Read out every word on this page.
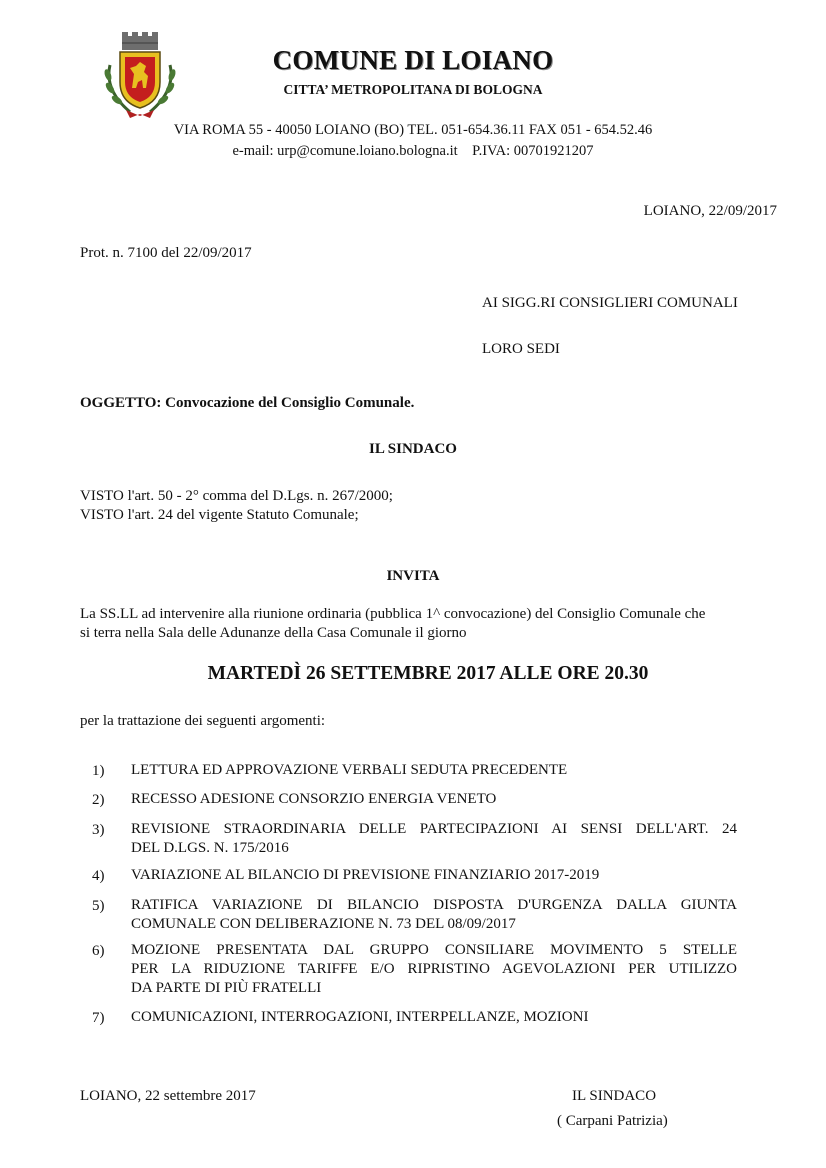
COMUNE DI LOIANO
CITTA’ METROPOLITANA DI BOLOGNA
VIA ROMA 55 - 40050 LOIANO (BO) TEL. 051-654.36.11 FAX 051 - 654.52.46
e-mail: urp@comune.loiano.bologna.it    P.IVA: 00701921207
LOIANO, 22/09/2017
Prot. n. 7100 del 22/09/2017
AI SIGG.RI CONSIGLIERI COMUNALI
LORO SEDI
OGGETTO: Convocazione del Consiglio Comunale.
IL SINDACO
VISTO l'art. 50 - 2° comma del D.Lgs. n. 267/2000;
VISTO l'art. 24 del vigente Statuto Comunale;
INVITA
La SS.LL ad intervenire alla riunione ordinaria (pubblica 1^ convocazione) del Consiglio Comunale che
si terra nella Sala delle Adunanze della Casa Comunale il giorno
MARTEDÌ 26 SETTEMBRE 2017 ALLE ORE 20.30
per la trattazione dei seguenti argomenti:
1)	LETTURA ED APPROVAZIONE VERBALI SEDUTA PRECEDENTE
2)	RECESSO ADESIONE CONSORZIO ENERGIA VENETO
3)	REVISIONE STRAORDINARIA DELLE PARTECIPAZIONI AI SENSI DELL'ART. 24
DEL D.LGS. N. 175/2016
4)	VARIAZIONE AL BILANCIO DI PREVISIONE FINANZIARIO 2017-2019
5)	RATIFICA VARIAZIONE DI BILANCIO DISPOSTA D'URGENZA DALLA GIUNTA
COMUNALE CON DELIBERAZIONE N. 73 DEL 08/09/2017
6)	MOZIONE PRESENTATA DAL GRUPPO CONSILIARE MOVIMENTO 5 STELLE
PER LA RIDUZIONE TARIFFE E/O RIPRISTINO AGEVOLAZIONI PER UTILIZZO
DA PARTE DI PIÙ FRATELLI
7)	COMUNICAZIONI, INTERROGAZIONI, INTERPELLANZE, MOZIONI
LOIANO, 22 settembre 2017	IL SINDACO
( Carpani Patrizia)
